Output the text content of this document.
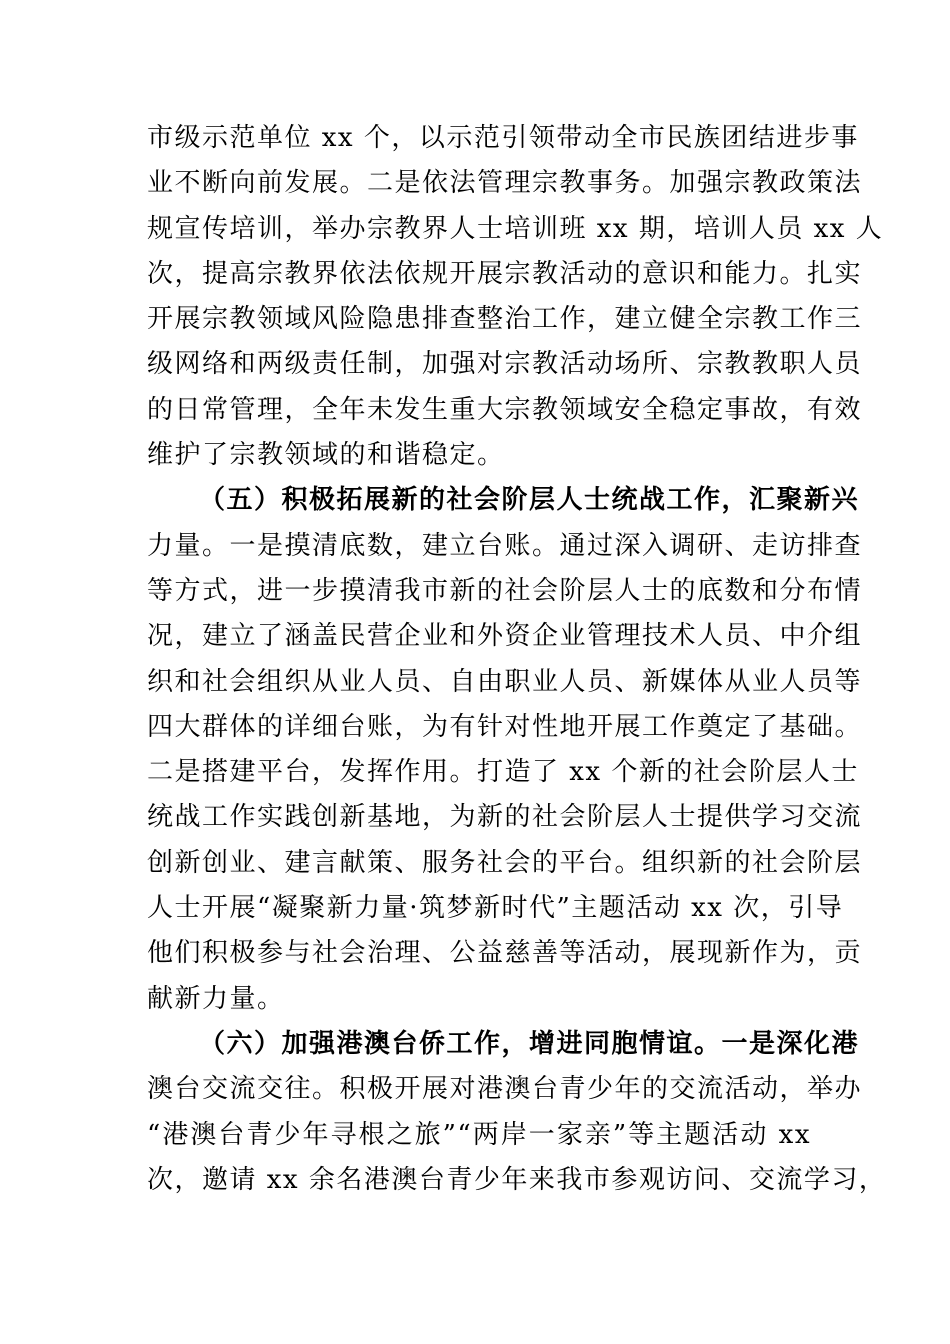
市级示范单位 xx 个，以示范引领带动全市民族团结进步事
业不断向前发展。二是依法管理宗教事务。加强宗教政策法
规宣传培训，举办宗教界人士培训班 xx 期，培训人员 xx 人
次，提高宗教界依法依规开展宗教活动的意识和能力。扎实
开展宗教领域风险隐患排查整治工作，建立健全宗教工作三
级网络和两级责任制，加强对宗教活动场所、宗教教职人员
的日常管理，全年未发生重大宗教领域安全稳定事故，有效
维护了宗教领域的和谐稳定。
（五）积极拓展新的社会阶层人士统战工作，汇聚新兴
力量。一是摸清底数，建立台账。通过深入调研、走访排查
等方式，进一步摸清我市新的社会阶层人士的底数和分布情
况，建立了涵盖民营企业和外资企业管理技术人员、中介组
织和社会组织从业人员、自由职业人员、新媒体从业人员等
四大群体的详细台账，为有针对性地开展工作奠定了基础。
二是搭建平台，发挥作用。打造了 xx 个新的社会阶层人士
统战工作实践创新基地，为新的社会阶层人士提供学习交流
创新创业、建言献策、服务社会的平台。组织新的社会阶层
人士开展“凝聚新力量·筑梦新时代”主题活动 xx 次，引导
他们积极参与社会治理、公益慈善等活动，展现新作为，贡
献新力量。
（六）加强港澳台侨工作，增进同胞情谊。一是深化港
澳台交流交往。积极开展对港澳台青少年的交流活动，举办
“港澳台青少年寻根之旅”“两岸一家亲”等主题活动 xx
次，邀请 xx 余名港澳台青少年来我市参观访问、交流学习，
